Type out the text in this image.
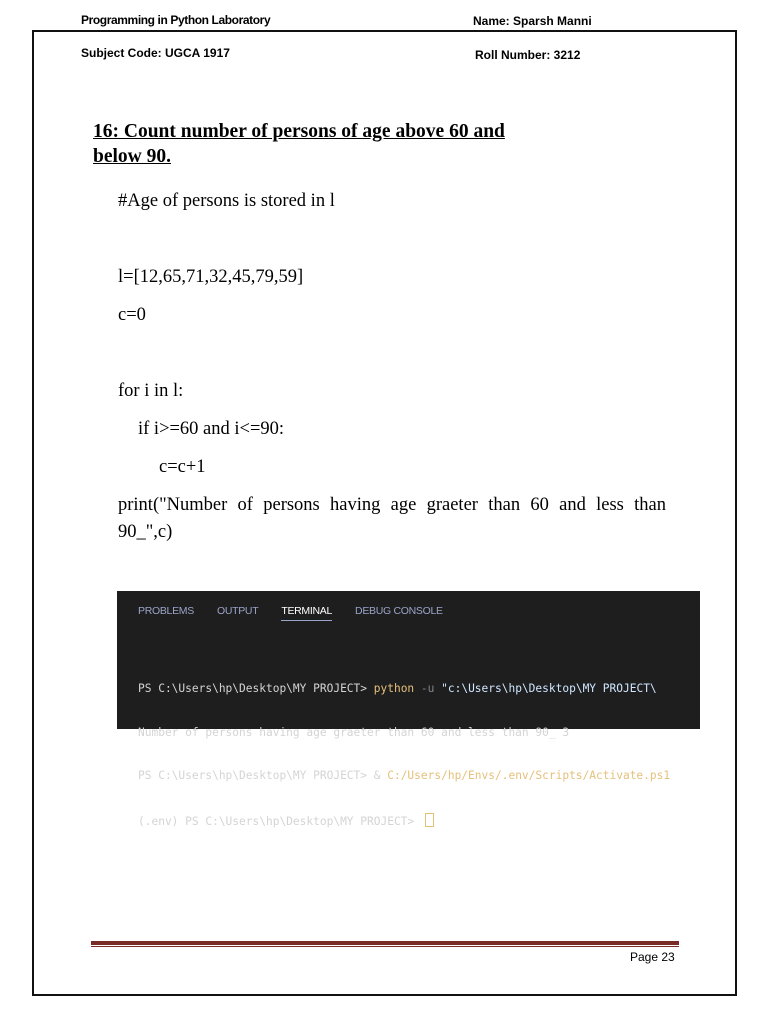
Programming in Python Laboratory	Name: Sparsh Manni
Subject Code: UGCA 1917	Roll Number: 3212
16: Count number of persons of age above 60 and below 90.
#Age of persons is stored in l
l=[12,65,71,32,45,79,59]
c=0
for i in l:
if i>=60 and i<=90:
c=c+1
print("Number of persons having age graeter than 60 and less than 90_",c)
PROBLEMS OUTPUT TERMINAL DEBUG CONSOLE

PS C:\Users\hp\Desktop\MY PROJECT> python -u "c:\Users\hp\Desktop\MY PROJECT\

Number of persons having age graeter than 60 and less than 90_ 3

PS C:\Users\hp\Desktop\MY PROJECT> & C:/Users/hp/Envs/.env/Scripts/Activate.ps1

(.env) PS C:\Users\hp\Desktop\MY PROJECT>

Page 23
